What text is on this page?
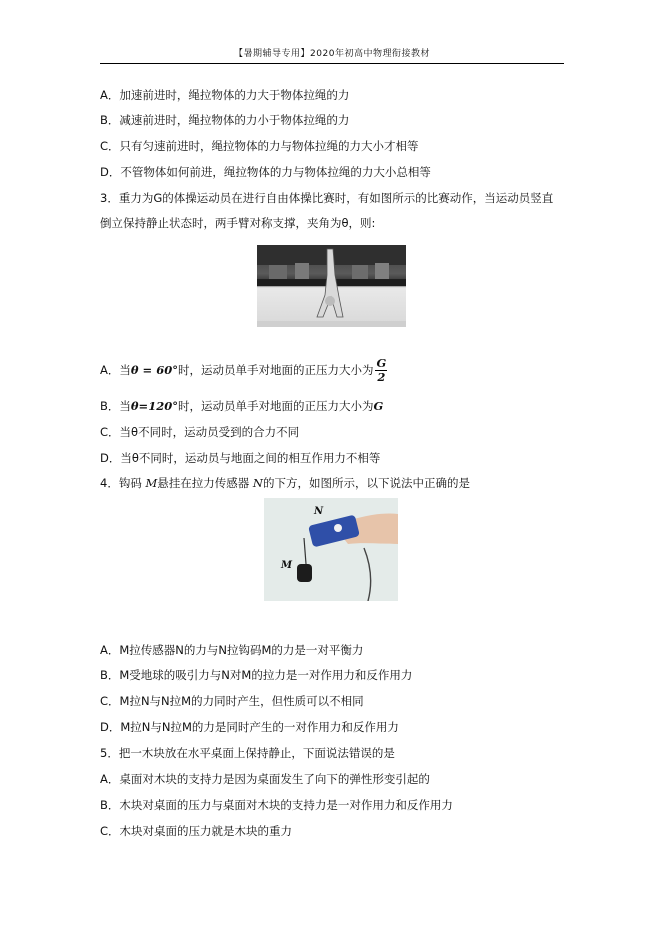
【暑期辅导专用】2020年初高中物理衔接教材
A．加速前进时，绳拉物体的力大于物体拉绳的力
B．减速前进时，绳拉物体的力小于物体拉绳的力
C．只有匀速前进时，绳拉物体的力与物体拉绳的力大小才相等
D．不管物体如何前进，绳拉物体的力与物体拉绳的力大小总相等
3．重力为G的体操运动员在进行自由体操比赛时，有如图所示的比赛动作，当运动员竖直
倒立保持静止状态时，两手臂对称支撑，夹角为θ，则:
A．当θ = 60°时，运动员单手对地面的正压力大小为 $\frac{G}{2}$
B．当θ=120°时，运动员单手对地面的正压力大小为G
C．当θ不同时，运动员受到的合力不同
D．当θ不同时，运动员与地面之间的相互作用力不相等
4．钩码 M悬挂在拉力传感器 N的下方，如图所示，以下说法中正确的是
N
M
A．M拉传感器N的力与N拉钩码M的力是一对平衡力
B．M受地球的吸引力与N对M的拉力是一对作用力和反作用力
C．M拉N与N拉M的力同时产生，但性质可以不相同
D．M拉N与N拉M的力是同时产生的一对作用力和反作用力
5．把一木块放在水平桌面上保持静止，下面说法错误的是
A．桌面对木块的支持力是因为桌面发生了向下的弹性形变引起的
B．木块对桌面的压力与桌面对木块的支持力是一对作用力和反作用力
C．木块对桌面的压力就是木块的重力
